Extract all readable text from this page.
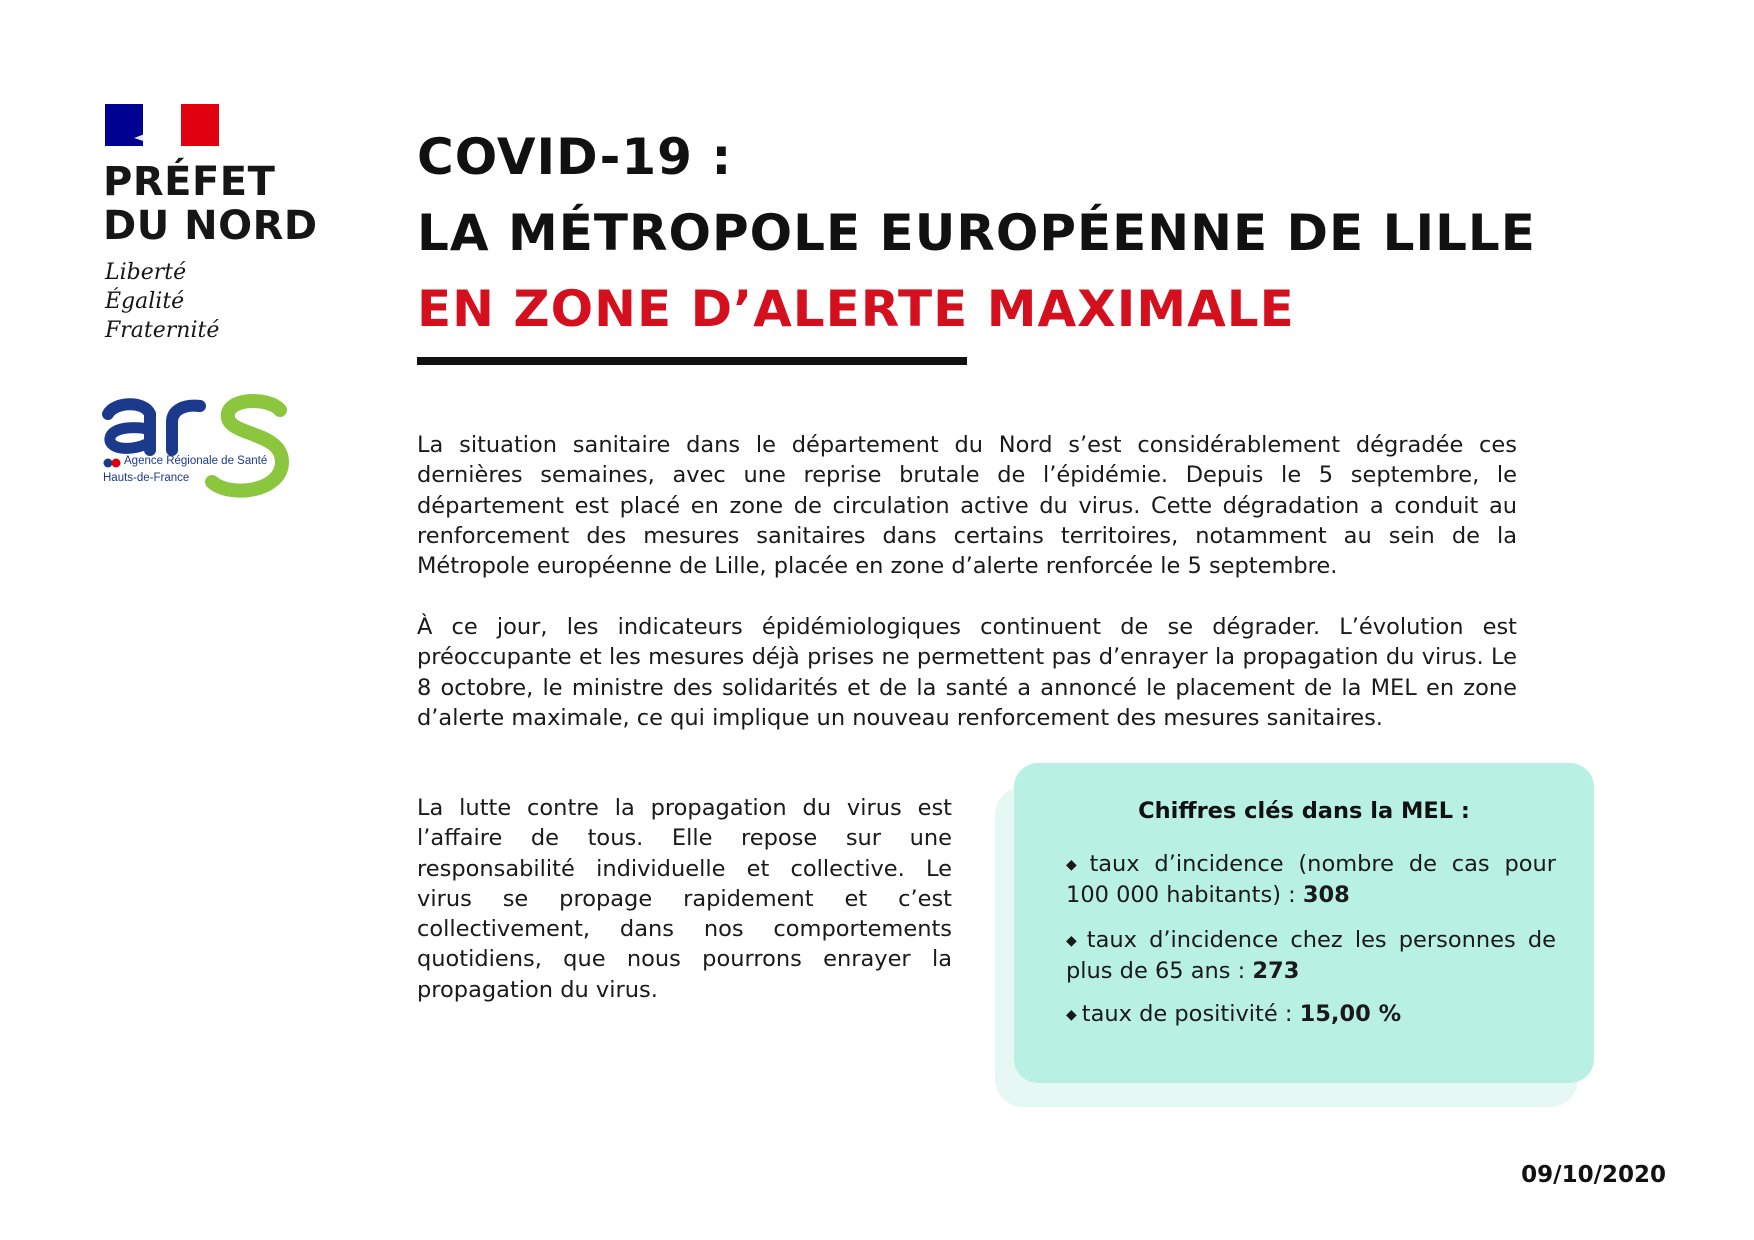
PRÉFET
DU NORD
Liberté
Égalité
Fraternité
Agence Régionale de Santé
Hauts-de-France
COVID-19 :
LA MÉTROPOLE EUROPÉENNE DE LILLE
EN ZONE D’ALERTE MAXIMALE
La situation sanitaire dans le département du Nord s’est considérablement dégradée ces dernières semaines, avec une reprise brutale de l’épidémie. Depuis le 5 septembre, le département est placé en zone de circulation active du virus. Cette dégradation a conduit au renforcement des mesures sanitaires dans certains territoires, notamment au sein de la Métropole européenne de Lille, placée en zone d’alerte renforcée le 5 septembre.
À ce jour, les indicateurs épidémiologiques continuent de se dégrader. L’évolution est préoccupante et les mesures déjà prises ne permettent pas d’enrayer la propagation du virus. Le 8 octobre, le ministre des solidarités et de la santé a annoncé le placement de la MEL en zone d’alerte maximale, ce qui implique un nouveau renforcement des mesures sanitaires.
La lutte contre la propagation du virus est l’affaire de tous. Elle repose sur une responsabilité individuelle et collective. Le virus se propage rapidement et c’est collectivement, dans nos comportements quotidiens, que nous pourrons enrayer la propagation du virus.
Chiffres clés dans la MEL :
◆ taux d’incidence (nombre de cas pour 100 000 habitants) : 308
◆ taux d’incidence chez les personnes de plus de 65 ans : 273
◆ taux de positivité : 15,00 %
09/10/2020
